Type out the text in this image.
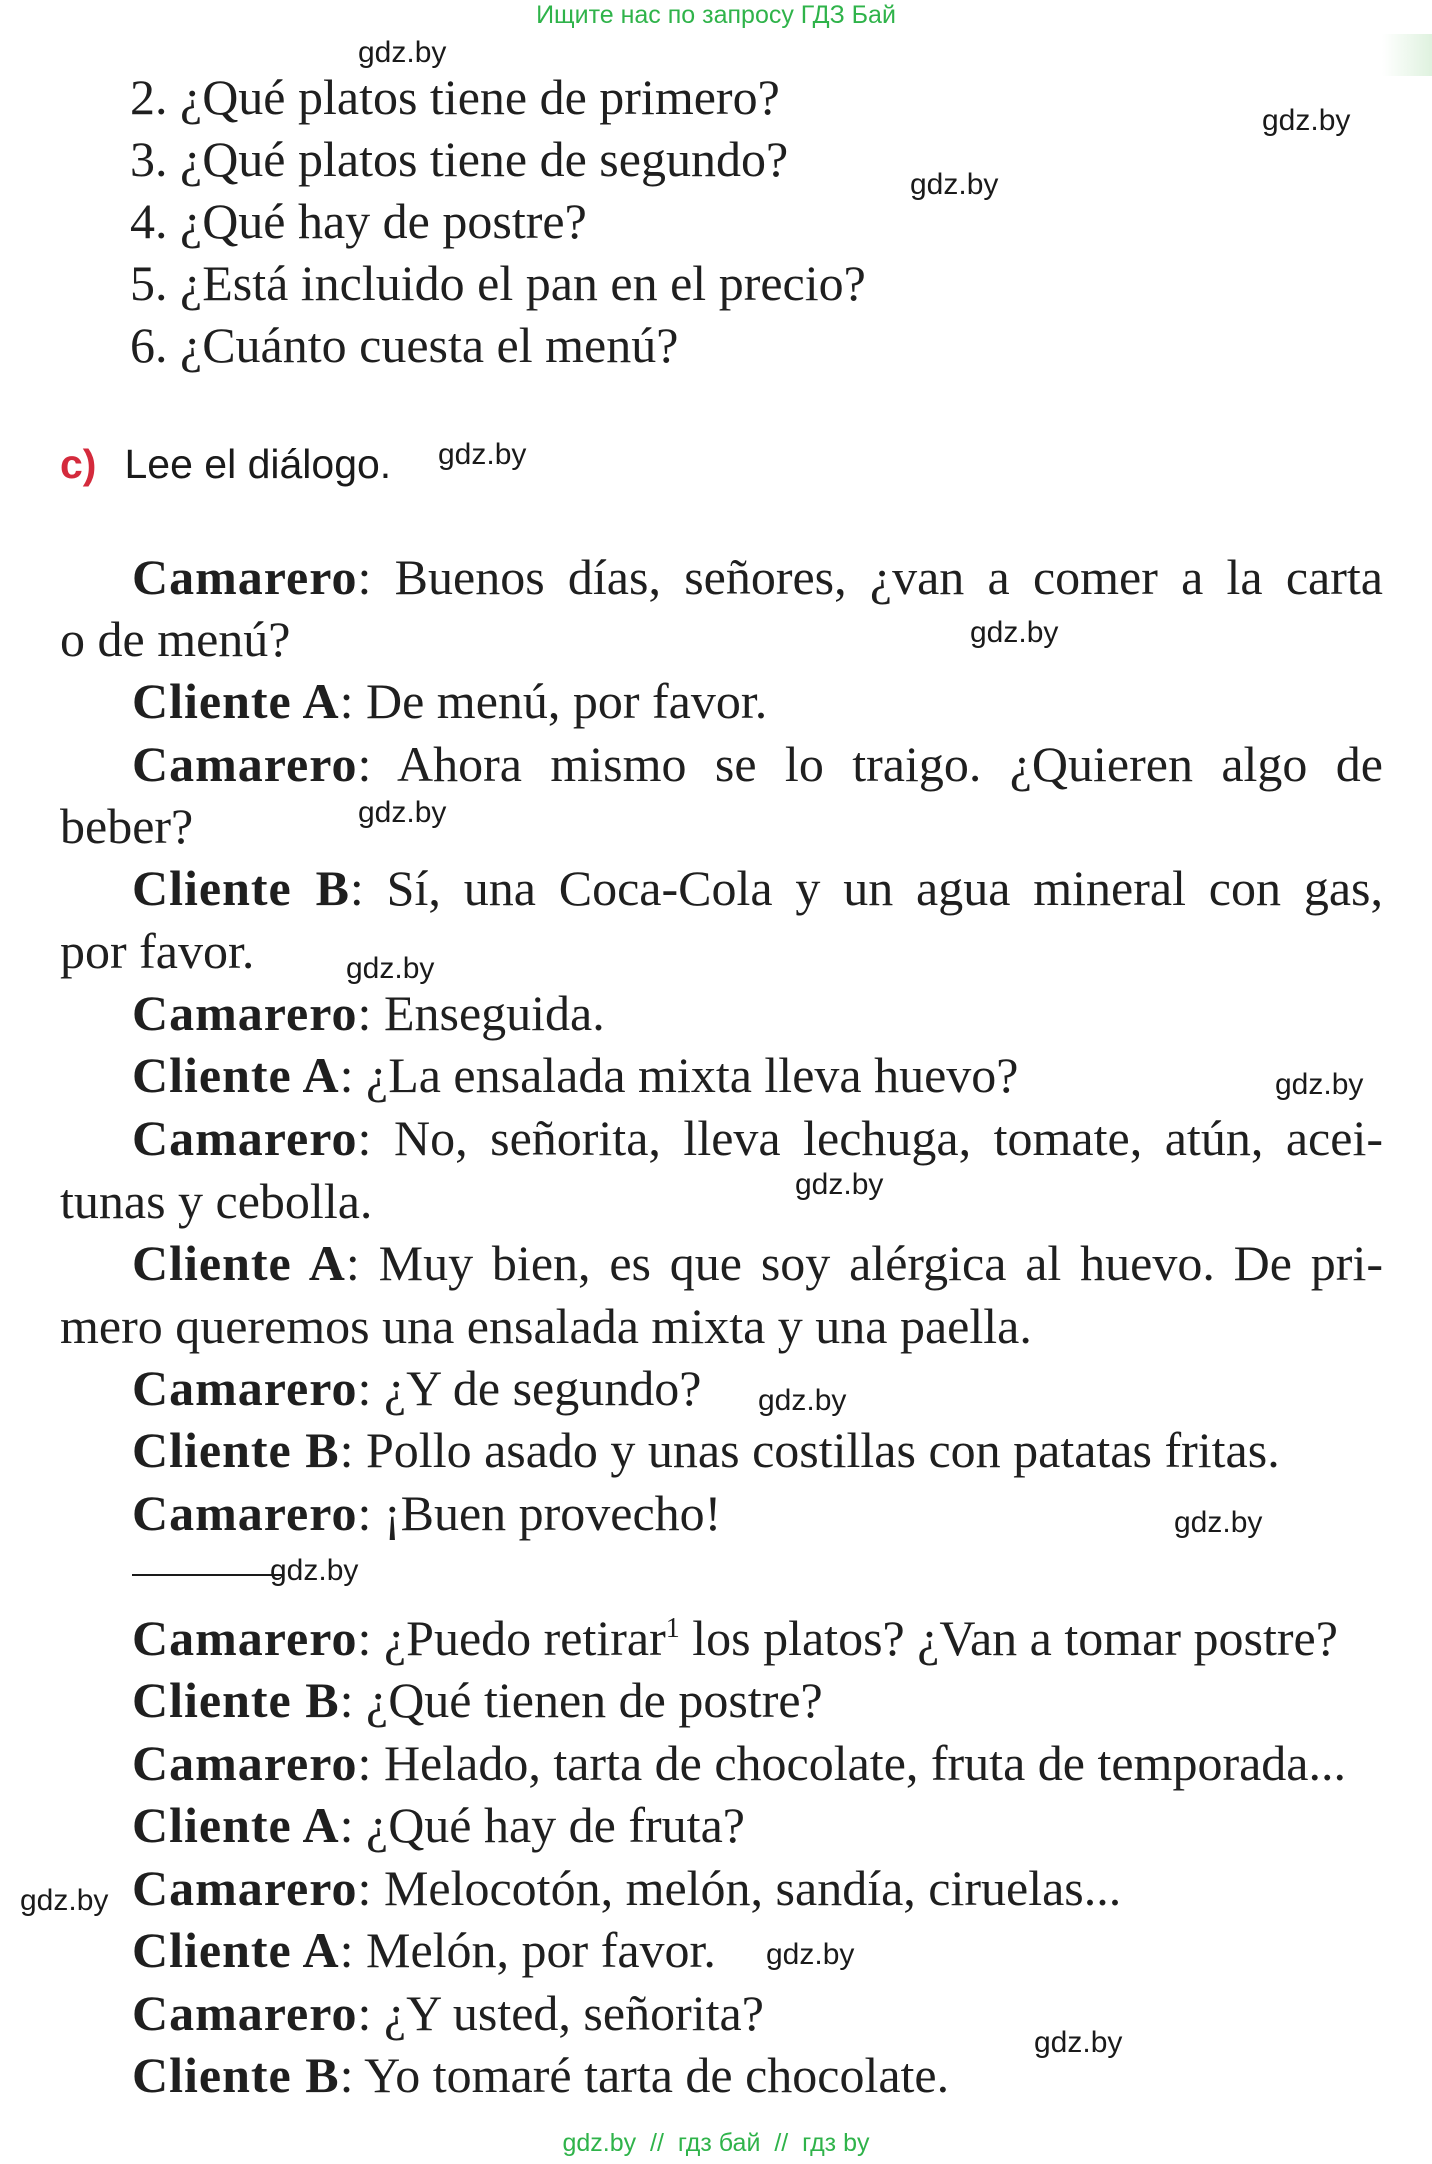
Ищите нас по запросу ГДЗ Бай
gdz.by
gdz.by
gdz.by
gdz.by
gdz.by
gdz.by
gdz.by
gdz.by
gdz.by
gdz.by
gdz.by
gdz.by
gdz.by
gdz.by
gdz.by
2. ¿Qué platos tiene de primero?
3. ¿Qué platos tiene de segundo?
4. ¿Qué hay de postre?
5. ¿Está incluido el pan en el precio?
6. ¿Cuánto cuesta el menú?
c) Lee el diálogo.
Camarero: Buenos días, señores, ¿van a comer a la carta
o de menú?
Cliente A: De menú, por favor.
Camarero: Ahora mismo se lo traigo. ¿Quieren algo de
beber?
Cliente B: Sí, una Coca-Cola y un agua mineral con gas,
por favor.
Camarero: Enseguida.
Cliente A: ¿La ensalada mixta lleva huevo?
Camarero: No, señorita, lleva lechuga, tomate, atún, acei-
tunas y cebolla.
Cliente A: Muy bien, es que soy alérgica al huevo. De pri-
mero queremos una ensalada mixta y una paella.
Camarero: ¿Y de segundo?
Cliente B: Pollo asado y unas costillas con patatas fritas.
Camarero: ¡Buen provecho!
Camarero: ¿Puedo retirar$^1$ los platos? ¿Van a tomar postre?
Cliente B: ¿Qué tienen de postre?
Camarero: Helado, tarta de chocolate, fruta de temporada...
Cliente A: ¿Qué hay de fruta?
Camarero: Melocotón, melón, sandía, ciruelas...
Cliente A: Melón, por favor.
Camarero: ¿Y usted, señorita?
Cliente B: Yo tomaré tarta de chocolate.
gdz.by  //  гдз бай  //  гдз by
